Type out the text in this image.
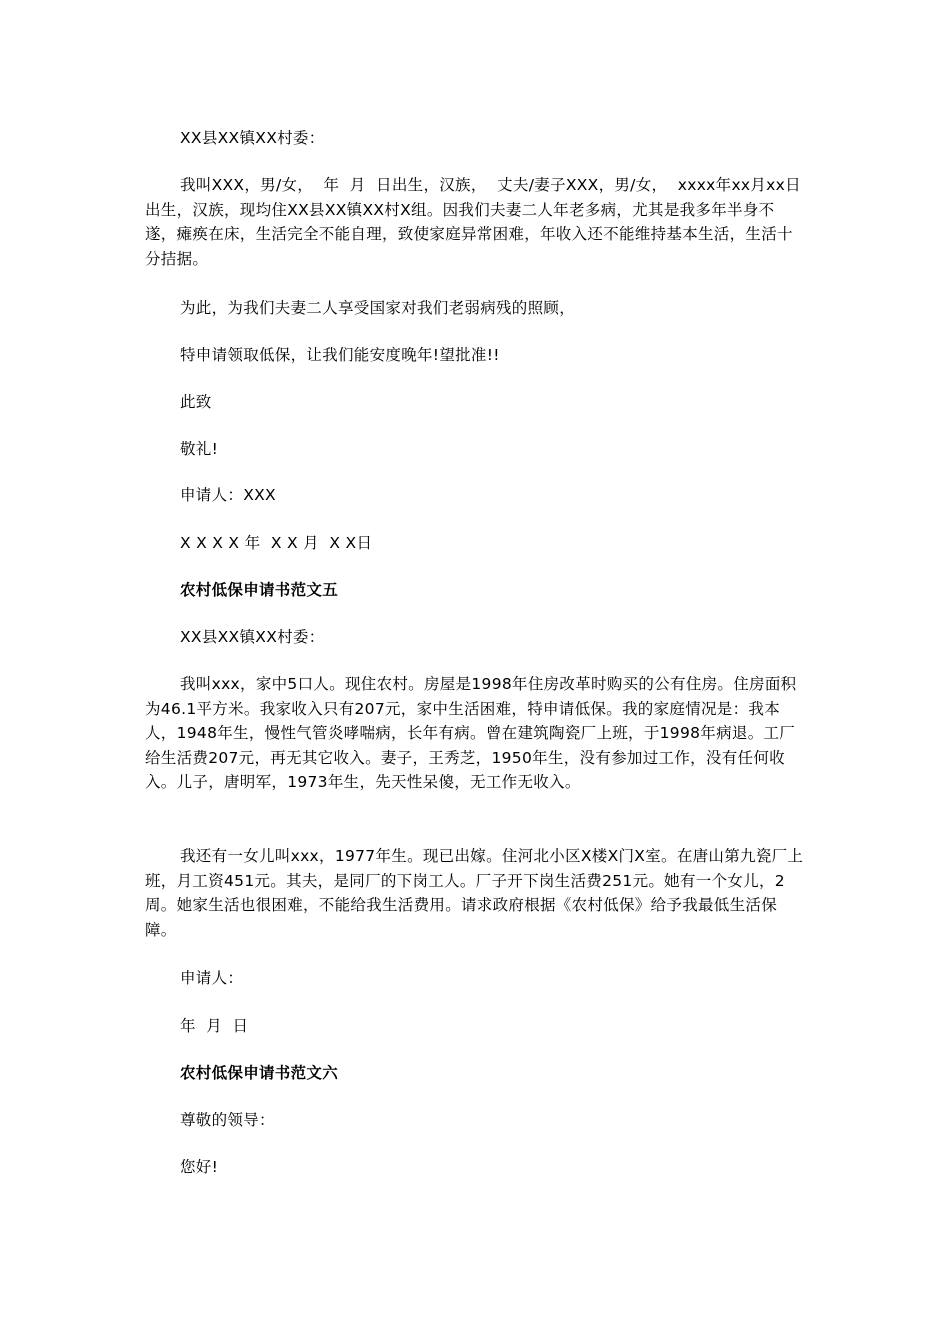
XX县XX镇XX村委：

我叫XXX，男/女，  年  月  日出生，汉族，  丈夫/妻子XXX，男/女，  xxxx年xx月xx日出生，汉族，现均住XX县XX镇XX村X组。因我们夫妻二人年老多病，尤其是我多年半身不遂，瘫痪在床，生活完全不能自理，致使家庭异常困难，年收入还不能维持基本生活，生活十分拮据。

为此，为我们夫妻二人享受国家对我们老弱病残的照顾，

特申请领取低保，让我们能安度晚年!望批准!!

此致

敬礼!

申请人：XXX

X X X X 年  X X 月  X X日

农村低保申请书范文五

XX县XX镇XX村委：

我叫xxx，家中5口人。现住农村。房屋是1998年住房改革时购买的公有住房。住房面积为46.1平方米。我家收入只有207元，家中生活困难，特申请低保。我的家庭情况是：我本人，1948年生，慢性气管炎哮喘病，长年有病。曾在建筑陶瓷厂上班，于1998年病退。工厂给生活费207元，再无其它收入。妻子，王秀芝，1950年生，没有参加过工作，没有任何收入。儿子，唐明军，1973年生，先天性呆傻，无工作无收入。

我还有一女儿叫xxx，1977年生。现已出嫁。住河北小区X楼X门X室。在唐山第九瓷厂上班，月工资451元。其夫，是同厂的下岗工人。厂子开下岗生活费251元。她有一个女儿，2周。她家生活也很困难，不能给我生活费用。请求政府根据《农村低保》给予我最低生活保障。

申请人：

年  月  日

农村低保申请书范文六

尊敬的领导：

您好!
